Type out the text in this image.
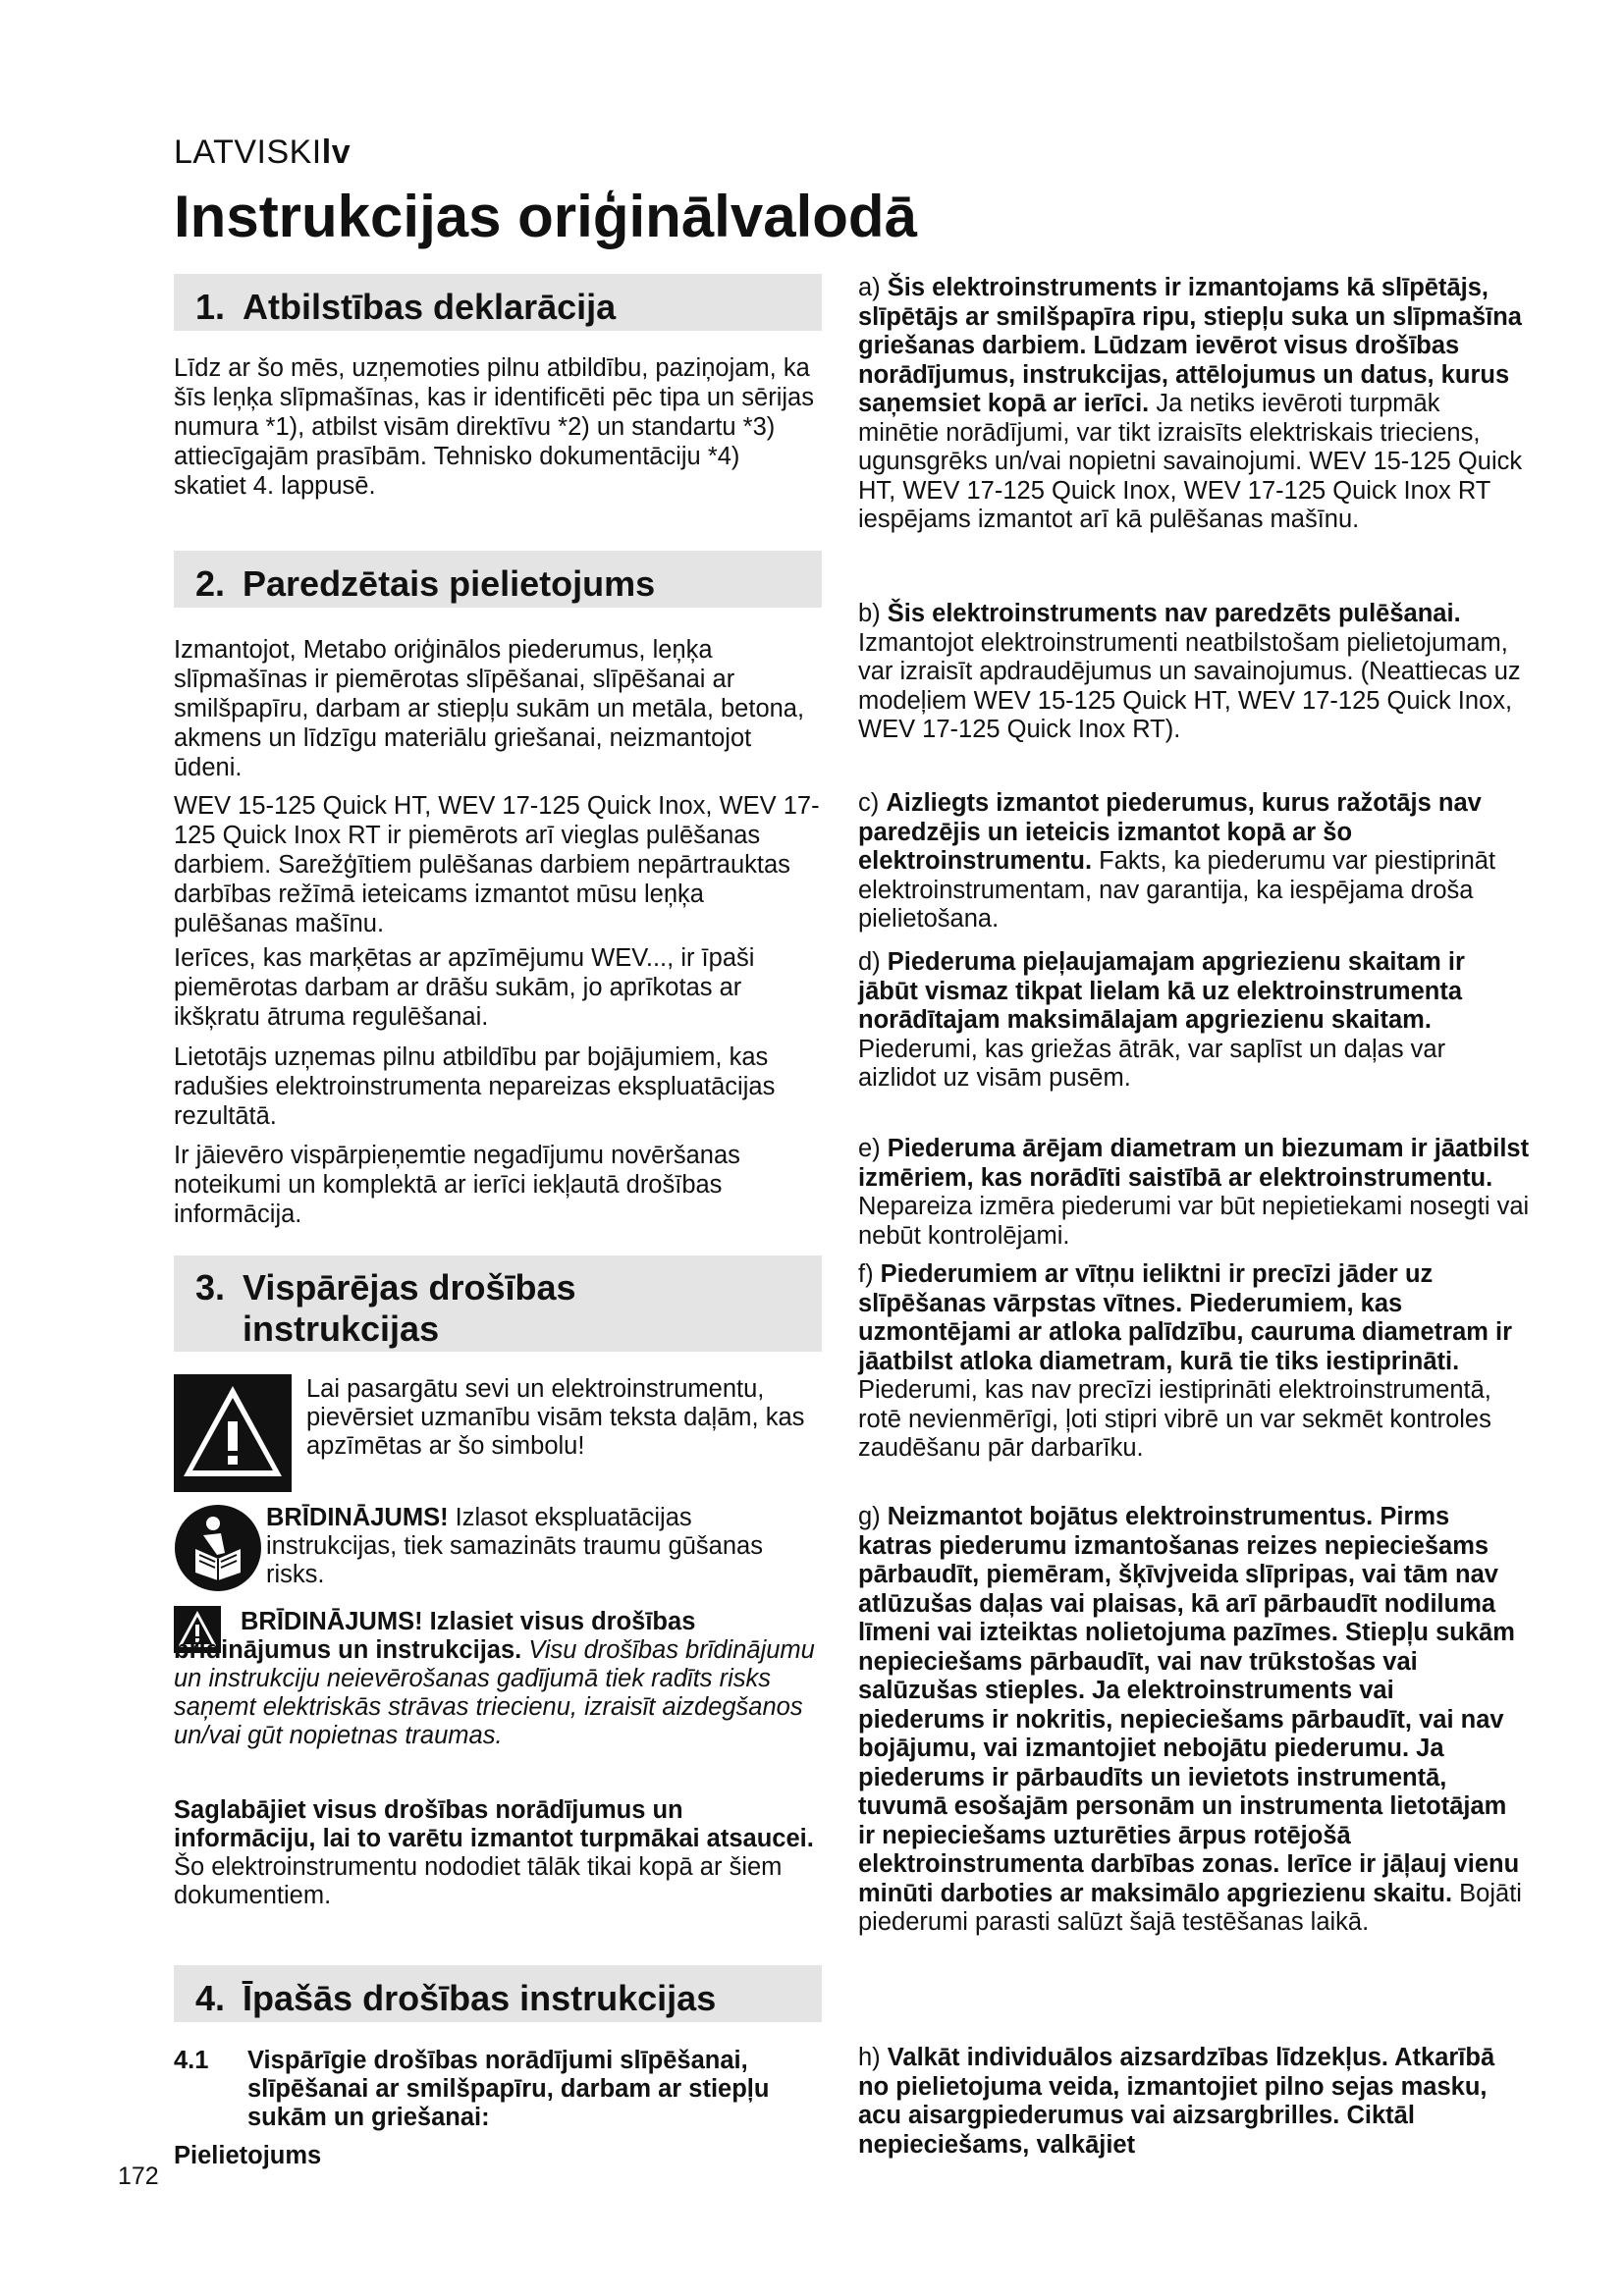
LATVISKIlv
Instrukcijas oriģinālvalodā
1. Atbilstības deklarācija

Līdz ar šo mēs, uzņemoties pilnu atbildību, paziņojam, ka šīs leņķa slīpmašīnas, kas ir identificēti pēc tipa un sērijas numura *1), atbilst visām direktīvu *2) un standartu *3) attiecīgajām prasībām. Tehnisko dokumentāciju *4) skatiet 4. lappusē.

2. Paredzētais pielietojums

Izmantojot, Metabo oriģinālos piederumus, leņķa slīpmašīnas ir piemērotas slīpēšanai, slīpēšanai ar smilšpapīru, darbam ar stiepļu sukām un metāla, betona, akmens un līdzīgu materiālu griešanai, neizmantojot ūdeni.

WEV 15-125 Quick HT, WEV 17-125 Quick Inox, WEV 17-125 Quick Inox RT ir piemērots arī vieglas pulēšanas darbiem. Sarežģītiem pulēšanas darbiem nepārtrauktas darbības režīmā ieteicams izmantot mūsu leņķa pulēšanas mašīnu.

Ierīces, kas marķētas ar apzīmējumu WEV..., ir īpaši piemērotas darbam ar drāšu sukām, jo aprīkotas ar ikšķratu ātruma regulēšanai.

Lietotājs uzņemas pilnu atbildību par bojājumiem, kas radušies elektroinstrumenta nepareizas ekspluatācijas rezultātā.

Ir jāievēro vispārpieņemtie negadījumu novēršanas noteikumi un komplektā ar ierīci iekļautā drošības informācija.

3. Vispārējas drošības
instrukcijas

Lai pasargātu sevi un elektroinstrumentu, pievērsiet uzmanību visām teksta daļām, kas apzīmētas ar šo simbolu!

BRĪDINĀJUMS! Izlasot ekspluatācijas instrukcijas, tiek samazināts traumu gūšanas risks.

BRĪDINĀJUMS! Izlasiet visus drošības brīdinājumus un instrukcijas. Visu drošības brīdinājumu un instrukciju neievērošanas gadījumā tiek radīts risks saņemt elektriskās strāvas triecienu, izraisīt aizdegšanos un/vai gūt nopietnas traumas.

Saglabājiet visus drošības norādījumus un informāciju, lai to varētu izmantot turpmākai atsaucei.
Šo elektroinstrumentu nododiet tālāk tikai kopā ar šiem dokumentiem.

4. Īpašās drošības instrukcijas
4.1	Vispārīgie drošības norādījumi slīpēšanai, slīpēšanai ar smilšpapīru, darbam ar stiepļu sukām un griešanai:
Pielietojums
172

a) Šis elektroinstruments ir izmantojams kā slīpētājs, slīpētājs ar smilšpapīra ripu, stiepļu suka un slīpmašīna griešanas darbiem. Lūdzam ievērot visus drošības norādījumus, instrukcijas, attēlojumus un datus, kurus saņemsiet kopā ar ierīci. Ja netiks ievēroti turpmāk minētie norādījumi, var tikt izraisīts elektriskais trieciens, ugunsgrēks un/vai nopietni savainojumi. WEV 15-125 Quick HT, WEV 17-125 Quick Inox, WEV 17-125 Quick Inox RT iespējams izmantot arī kā pulēšanas mašīnu.

b) Šis elektroinstruments nav paredzēts pulēšanai. Izmantojot elektroinstrumenti neatbilstošam pielietojumam, var izraisīt apdraudējumus un savainojumus. (Neattiecas uz modeļiem WEV 15-125 Quick HT, WEV 17-125 Quick Inox, WEV 17-125 Quick Inox RT).

c) Aizliegts izmantot piederumus, kurus ražotājs nav paredzējis un ieteicis izmantot kopā ar šo elektroinstrumentu. Fakts, ka piederumu var piestiprināt elektroinstrumentam, nav garantija, ka iespējama droša pielietošana.

d) Piederuma pieļaujamajam apgriezienu skaitam ir jābūt vismaz tikpat lielam kā uz elektroinstrumenta norādītajam maksimālajam apgriezienu skaitam. Piederumi, kas griežas ātrāk, var saplīst un daļas var aizlidot uz visām pusēm.

e) Piederuma ārējam diametram un biezumam ir jāatbilst izmēriem, kas norādīti saistībā ar elektroinstrumentu. Nepareiza izmēra piederumi var būt nepietiekami nosegti vai nebūt kontrolējami.

f) Piederumiem ar vītņu ieliktni ir precīzi jāder uz slīpēšanas vārpstas vītnes. Piederumiem, kas uzmontējami ar atloka palīdzību, cauruma diametram ir jāatbilst atloka diametram, kurā tie tiks iestiprināti. Piederumi, kas nav precīzi iestiprināti elektroinstrumentā, rotē nevienmērīgi, ļoti stipri vibrē un var sekmēt kontroles zaudēšanu pār darbarīku.

g) Neizmantot bojātus elektroinstrumentus. Pirms katras piederumu izmantošanas reizes nepieciešams pārbaudīt, piemēram, šķīvjveida slīpripas, vai tām nav atlūzušas daļas vai plaisas, kā arī pārbaudīt nodiluma līmeni vai izteiktas nolietojuma pazīmes. Stiepļu sukām nepieciešams pārbaudīt, vai nav trūkstošas vai salūzušas stieples. Ja elektroinstruments vai piederums ir nokritis, nepieciešams pārbaudīt, vai nav bojājumu, vai izmantojiet nebojātu piederumu. Ja piederums ir pārbaudīts un ievietots instrumentā, tuvumā esošajām personām un instrumenta lietotājam ir nepieciešams uzturēties ārpus rotējošā elektroinstrumenta darbības zonas. Ierīce ir jāļauj vienu minūti darboties ar maksimālo apgriezienu skaitu. Bojāti piederumi parasti salūzt šajā testēšanas laikā.

h) Valkāt individuālos aizsardzības līdzekļus. Atkarībā no pielietojuma veida, izmantojiet pilno sejas masku, acu aisargpiederumus vai aizsargbrilles. Ciktāl nepieciešams, valkājiet
